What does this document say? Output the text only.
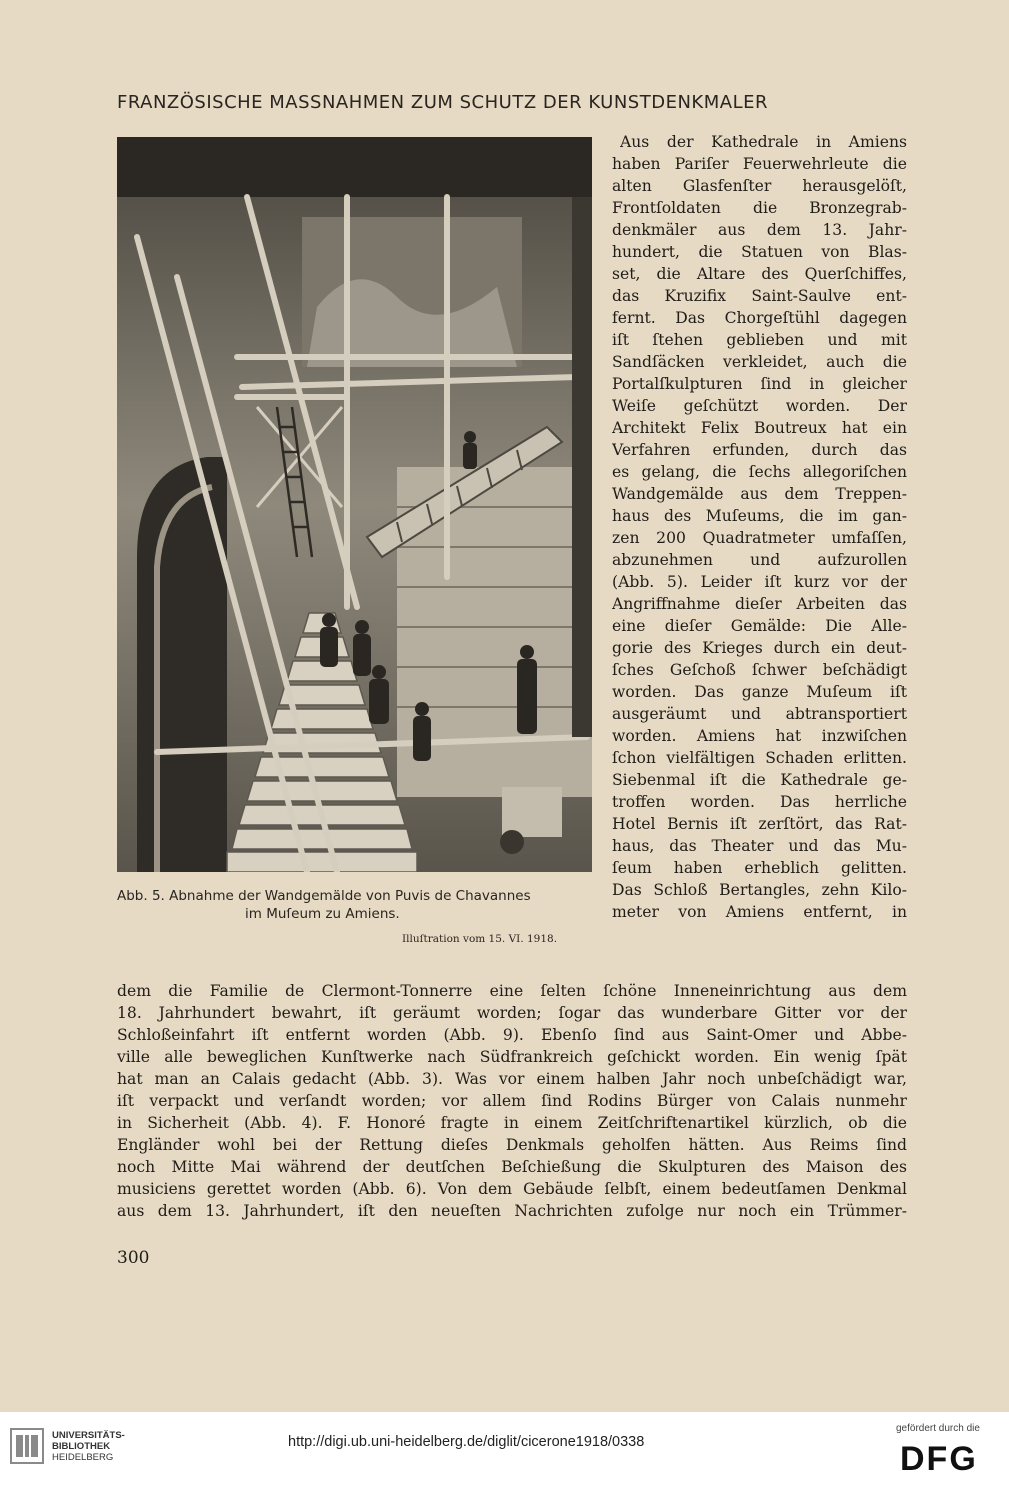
FRANZÖSISCHE MASSNAHMEN ZUM SCHUTZ DER KUNSTDENKMALER
Abb. 5. Abnahme der Wandgemälde von Puvis de Chavannes
im Muſeum zu Amiens.
Illuſtration vom 15. VI. 1918.
Aus der Kathedrale in Amiens
haben Pariſer Feuerwehrleute die
alten Glasfenſter herausgelöſt,
Frontſoldaten die Bronzegrab-
denkmäler aus dem 13. Jahr-
hundert, die Statuen von Blas-
set, die Altare des Querſchiffes,
das Kruzifix Saint-Saulve ent-
fernt. Das Chorgeſtühl dagegen
iſt ſtehen geblieben und mit
Sandſäcken verkleidet, auch die
Portalſkulpturen ſind in gleicher
Weiſe geſchützt worden. Der
Architekt Felix Boutreux hat ein
Verfahren erfunden, durch das
es gelang, die ſechs allegoriſchen
Wandgemälde aus dem Treppen-
haus des Muſeums, die im gan-
zen 200 Quadratmeter umfaſſen,
abzunehmen und aufzurollen
(Abb. 5). Leider iſt kurz vor der
Angriffnahme dieſer Arbeiten das
eine dieſer Gemälde: Die Alle-
gorie des Krieges durch ein deut-
ſches Geſchoß ſchwer beſchädigt
worden. Das ganze Muſeum iſt
ausgeräumt und abtransportiert
worden. Amiens hat inzwiſchen
ſchon vielfältigen Schaden erlitten.
Siebenmal iſt die Kathedrale ge-
troffen worden. Das herrliche
Hotel Bernis iſt zerſtört, das Rat-
haus, das Theater und das Mu-
ſeum haben erheblich gelitten.
Das Schloß Bertangles, zehn Kilo-
meter von Amiens entfernt, in
dem die Familie de Clermont-Tonnerre eine ſelten ſchöne Inneneinrichtung aus dem
18. Jahrhundert bewahrt, iſt geräumt worden; ſogar das wunderbare Gitter vor der
Schloßeinfahrt iſt entfernt worden (Abb. 9). Ebenſo ſind aus Saint-Omer und Abbe-
ville alle beweglichen Kunſtwerke nach Südfrankreich geſchickt worden. Ein wenig ſpät
hat man an Calais gedacht (Abb. 3). Was vor einem halben Jahr noch unbeſchädigt war,
iſt verpackt und verſandt worden; vor allem ſind Rodins Bürger von Calais nunmehr
in Sicherheit (Abb. 4). F. Honoré fragte in einem Zeitſchriftenartikel kürzlich, ob die
Engländer wohl bei der Rettung dieſes Denkmals geholfen hätten. Aus Reims ſind
noch Mitte Mai während der deutſchen Beſchießung die Skulpturen des Maison des
musiciens gerettet worden (Abb. 6). Von dem Gebäude ſelbſt, einem bedeutſamen Denkmal
aus dem 13. Jahrhundert, iſt den neueſten Nachrichten zufolge nur noch ein Trümmer-
300
UNIVERSITÄTS-
BIBLIOTHEK
HEIDELBERG
http://digi.ub.uni-heidelberg.de/diglit/cicerone1918/0338
gefördert durch die
DFG
